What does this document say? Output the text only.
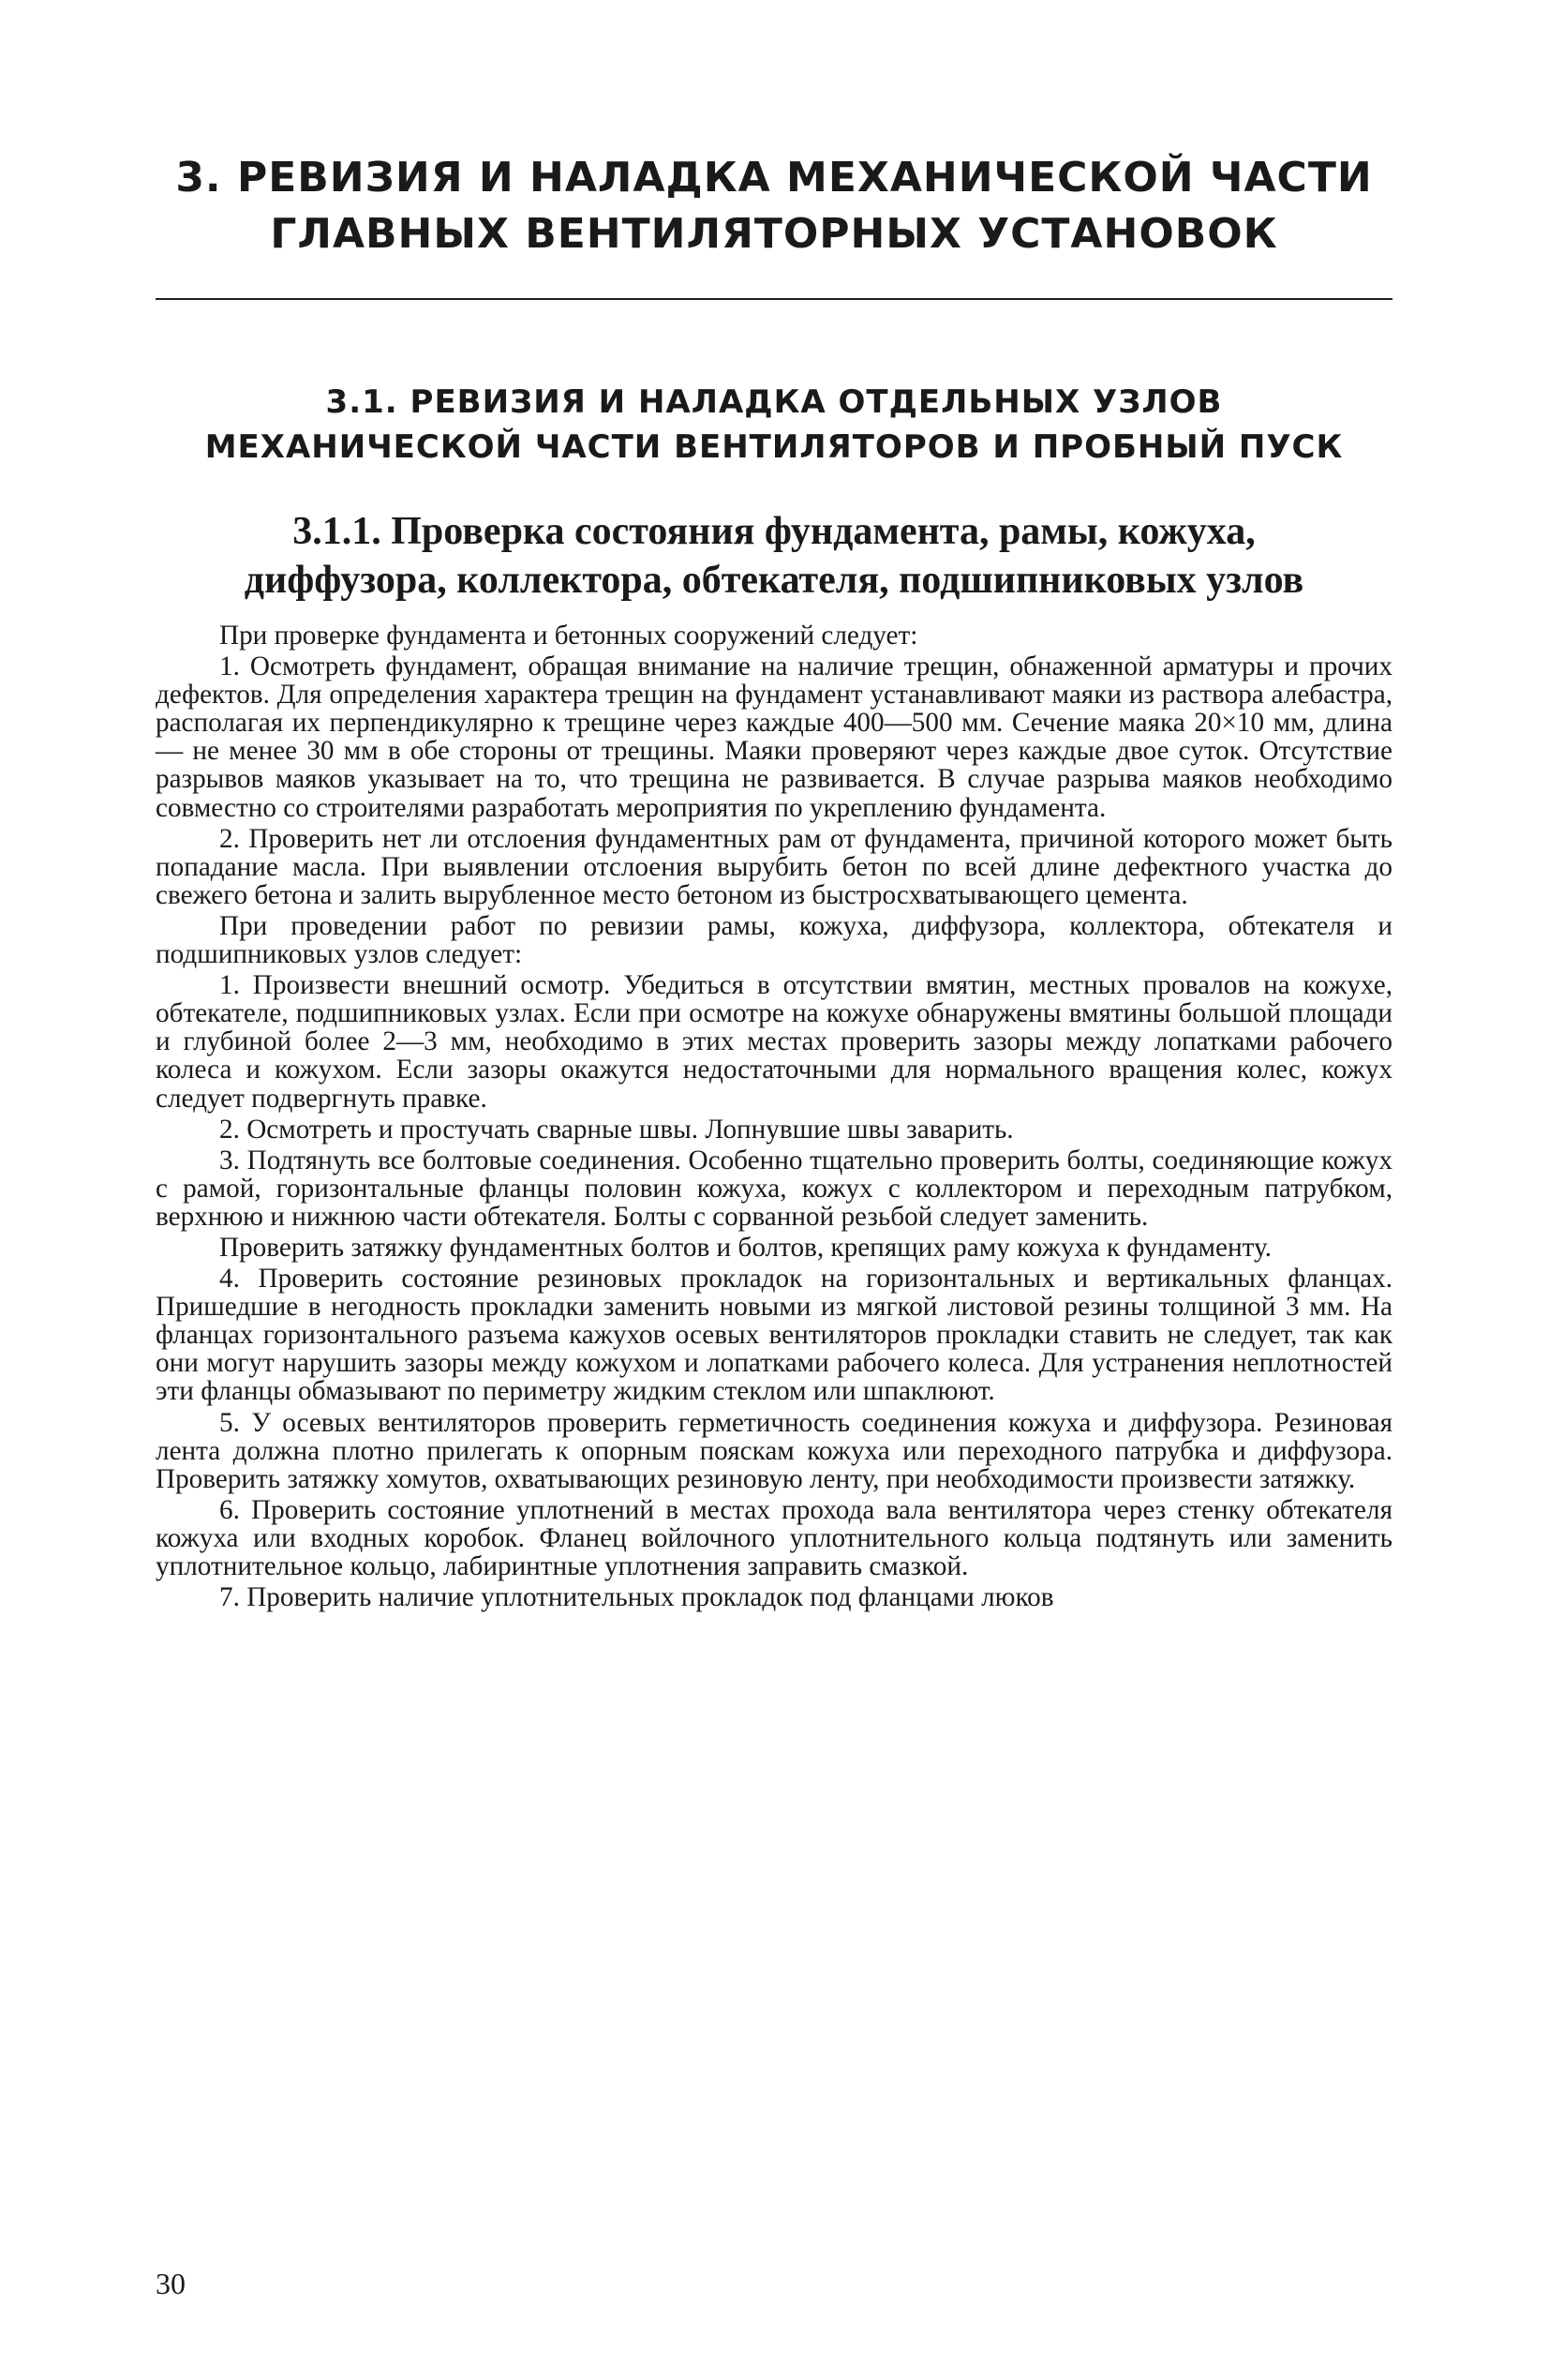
3. РЕВИЗИЯ И НАЛАДКА МЕХАНИЧЕСКОЙ ЧАСТИ
ГЛАВНЫХ ВЕНТИЛЯТОРНЫХ УСТАНОВОК
3.1. РЕВИЗИЯ И НАЛАДКА ОТДЕЛЬНЫХ УЗЛОВ
МЕХАНИЧЕСКОЙ ЧАСТИ ВЕНТИЛЯТОРОВ И ПРОБНЫЙ ПУСК
3.1.1. Проверка состояния фундамента, рамы, кожуха,
диффузора, коллектора, обтекателя, подшипниковых узлов

При проверке фундамента и бетонных сооружений следует:

1. Осмотреть фундамент, обращая внимание на наличие трещин, обнаженной арматуры и прочих дефектов. Для определения характера трещин на фундамент устанавливают маяки из раствора алебастра, располагая их перпендикулярно к трещине через каждые 400—500 мм. Сечение маяка 20×10 мм, длина — не менее 30 мм в обе стороны от трещины. Маяки проверяют через каждые двое суток. Отсутствие разрывов маяков указывает на то, что трещина не развивается. В случае разрыва маяков необходимо совместно со строителями разработать мероприятия по укреплению фундамента.

2. Проверить нет ли отслоения фундаментных рам от фундамента, причиной которого может быть попадание масла. При выявлении отслоения вырубить бетон по всей длине дефектного участка до свежего бетона и залить вырубленное место бетоном из быстросхватывающего цемента.

При проведении работ по ревизии рамы, кожуха, диффузора, коллектора, обтекателя и подшипниковых узлов следует:

1. Произвести внешний осмотр. Убедиться в отсутствии вмятин, местных провалов на кожухе, обтекателе, подшипниковых узлах. Если при осмотре на кожухе обнаружены вмятины большой площади и глубиной более 2—3 мм, необходимо в этих местах проверить зазоры между лопатками рабочего колеса и кожухом. Если зазоры окажутся недостаточными для нормального вращения колес, кожух следует подвергнуть правке.

2. Осмотреть и простучать сварные швы. Лопнувшие швы заварить.

3. Подтянуть все болтовые соединения. Особенно тщательно проверить болты, соединяющие кожух с рамой, горизонтальные фланцы половин кожуха, кожух с коллектором и переходным патрубком, верхнюю и нижнюю части обтекателя. Болты с сорванной резьбой следует заменить.

Проверить затяжку фундаментных болтов и болтов, крепящих раму кожуха к фундаменту.

4. Проверить состояние резиновых прокладок на горизонтальных и вертикальных фланцах. Пришедшие в негодность прокладки заменить новыми из мягкой листовой резины толщиной 3 мм. На фланцах горизонтального разъема кажухов осевых вентиляторов прокладки ставить не следует, так как они могут нарушить зазоры между кожухом и лопатками рабочего колеса. Для устранения неплотностей эти фланцы обмазывают по периметру жидким стеклом или шпаклюют.

5. У осевых вентиляторов проверить герметичность соединения кожуха и диффузора. Резиновая лента должна плотно прилегать к опорным пояскам кожуха или переходного патрубка и диффузора. Проверить затяжку хомутов, охватывающих резиновую ленту, при необходимости произвести затяжку.

6. Проверить состояние уплотнений в местах прохода вала вентилятора через стенку обтекателя кожуха или входных коробок. Фланец войлочного уплотнительного кольца подтянуть или заменить уплотнительное кольцо, лабиринтные уплотнения заправить смазкой.

7. Проверить наличие уплотнительных прокладок под фланцами люков

30
